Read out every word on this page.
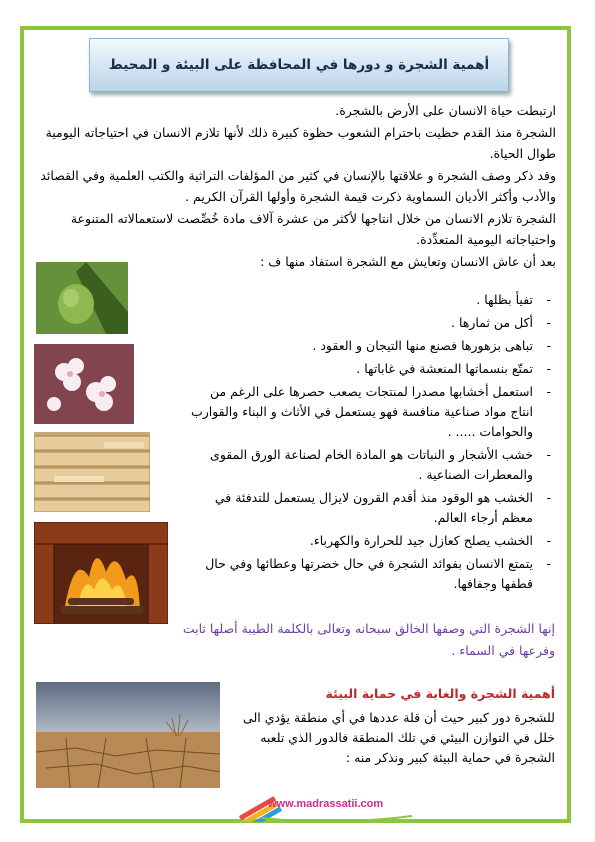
أهمية الشجرة و دورها في المحافظة على البيئة و المحيط

ارتبطت حياة الانسان على الأرض بالشجرة.

الشجرة منذ القدم حظيت باحترام الشعوب حظوة كبيرة ذلك لأنها تلازم الانسان في احتياجاته اليومية طوال الحياة.

وقد ذكر وصف الشجرة و علاقتها بالإنسان في كثير من المؤلفات التراثية والكتب العلمية وفي القصائد والأدب وأكثر الأديان السماوية ذكرت قيمة الشجرة وأولها القرآن الكريم .

الشجرة تلازم الانسان من خلال انتاجها لأكثر من عشرة آلاف مادة خُصِّصت لاستعمالاته المتنوعة واحتياجاته اليومية المتعدِّدة.

بعد أن عاش الانسان وتعايش مع الشجرة استفاد منها ف :

- تفيأ بظلها .
- أكل من ثمارها .
- تباهى بزهورها فصنع منها التيجان و العقود .
- تمتّع بنسماتها المنعشة في غاباتها .
- استعمل أخشابها مصدرا لمنتجات يصعب حصرها على الرغم من انتاج مواد صناعية منافسة فهو يستعمل في الأثاث و البناء والقوارب والحوامات ..... .
- خشب الأشجار و النباتات هو المادة الخام لصناعة الورق المقوى والمعطرات الصناعية .
- الخشب هو الوقود منذ أقدم القرون لايزال يستعمل للتدفئة في معظم أرجاء العالم.
- الخشب يصلح كعازل جيد للحرارة والكهرباء.
- يتمتع الانسان بفوائد الشجرة في حال خضرتها وعطائها وفي حال قطفها وجفافها.

إنها الشجرة التي وصفها الخالق سبحانه وتعالى بالكلمة الطيبة أصلها ثابت وفرعها في السماء .

أهمية الشجرة والغابة في حماية البيئة

للشجرة دور كبير حيث أن قلة عددها في أي منطقة يؤدي الى خلل في التوازن البيئي في تلك المنطقة فالدور الذي تلعبه الشجرة في حماية البيئة كبير ونذكر منه :

www.madrassatii.com
